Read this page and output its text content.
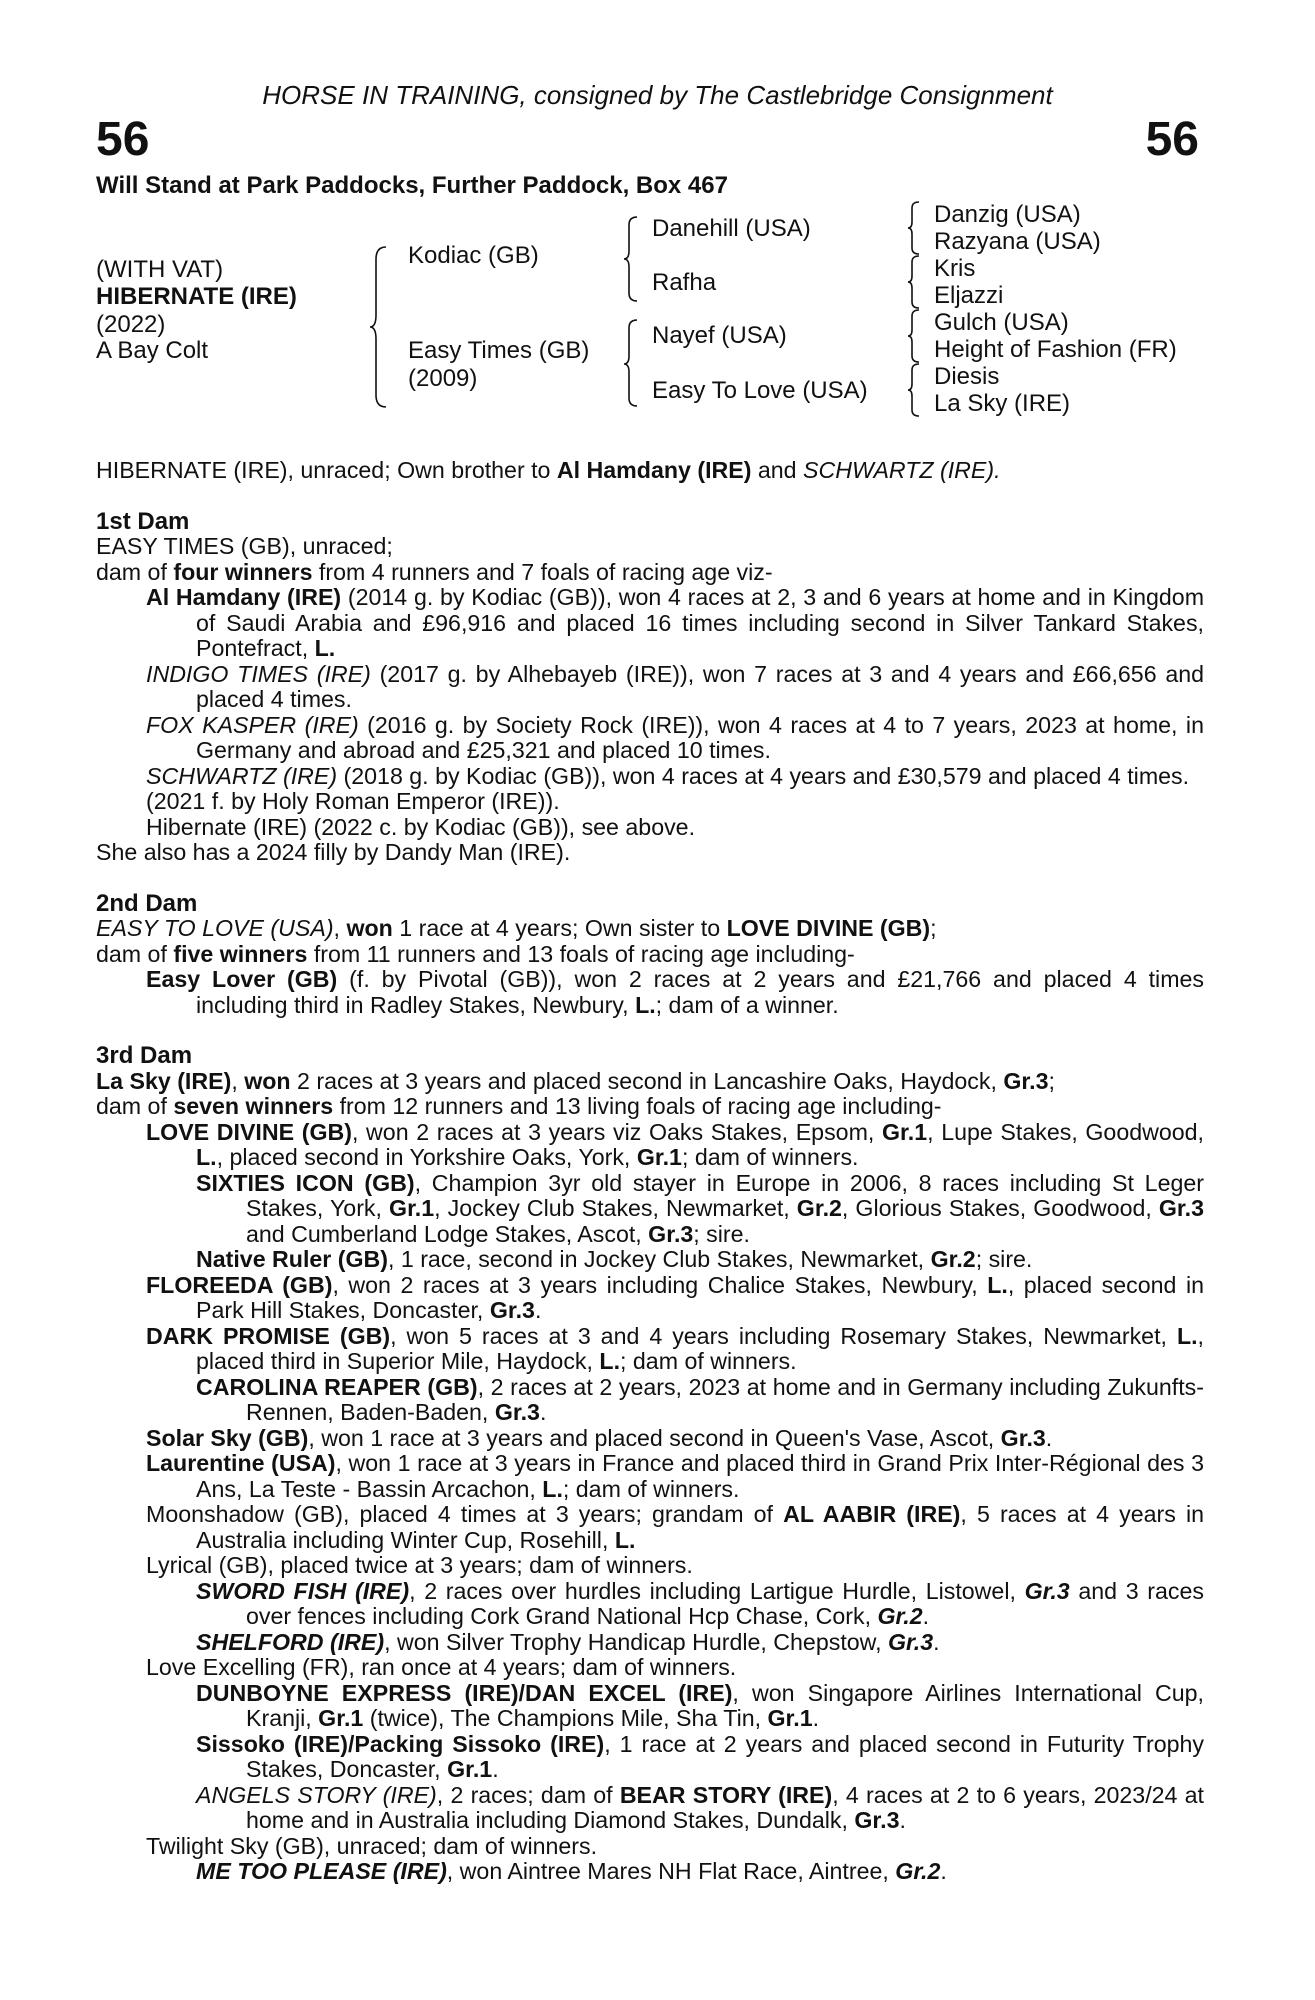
HORSE IN TRAINING, consigned by The Castlebridge Consignment
56	56
Will Stand at Park Paddocks, Further Paddock, Box 467
(WITH VAT)
HIBERNATE (IRE)
(2022)
A Bay Colt
Kodiac (GB)
Easy Times (GB)
(2009)
Danehill (USA)
Rafha
Nayef (USA)
Easy To Love (USA)
Danzig (USA)
Razyana (USA)
Kris
Eljazzi
Gulch (USA)
Height of Fashion (FR)
Diesis
La Sky (IRE)

HIBERNATE (IRE), unraced; Own brother to Al Hamdany (IRE) and SCHWARTZ (IRE).

1st Dam

EASY TIMES (GB), unraced;

dam of four winners from 4 runners and 7 foals of racing age viz-

Al Hamdany (IRE) (2014 g. by Kodiac (GB)), won 4 races at 2, 3 and 6 years at home and in Kingdom of Saudi Arabia and £96,916 and placed 16 times including second in Silver Tankard Stakes, Pontefract, L.

INDIGO TIMES (IRE) (2017 g. by Alhebayeb (IRE)), won 7 races at 3 and 4 years and £66,656 and placed 4 times.

FOX KASPER (IRE) (2016 g. by Society Rock (IRE)), won 4 races at 4 to 7 years, 2023 at home, in Germany and abroad and £25,321 and placed 10 times.

SCHWARTZ (IRE) (2018 g. by Kodiac (GB)), won 4 races at 4 years and £30,579 and placed 4 times.

(2021 f. by Holy Roman Emperor (IRE)).

Hibernate (IRE) (2022 c. by Kodiac (GB)), see above.

She also has a 2024 filly by Dandy Man (IRE).

2nd Dam

EASY TO LOVE (USA), won 1 race at 4 years; Own sister to LOVE DIVINE (GB);

dam of five winners from 11 runners and 13 foals of racing age including-

Easy Lover (GB) (f. by Pivotal (GB)), won 2 races at 2 years and £21,766 and placed 4 times including third in Radley Stakes, Newbury, L.; dam of a winner.

3rd Dam

La Sky (IRE), won 2 races at 3 years and placed second in Lancashire Oaks, Haydock, Gr.3;

dam of seven winners from 12 runners and 13 living foals of racing age including-

LOVE DIVINE (GB), won 2 races at 3 years viz Oaks Stakes, Epsom, Gr.1, Lupe Stakes, Goodwood, L., placed second in Yorkshire Oaks, York, Gr.1; dam of winners.

SIXTIES ICON (GB), Champion 3yr old stayer in Europe in 2006, 8 races including St Leger Stakes, York, Gr.1, Jockey Club Stakes, Newmarket, Gr.2, Glorious Stakes, Goodwood, Gr.3 and Cumberland Lodge Stakes, Ascot, Gr.3; sire.

Native Ruler (GB), 1 race, second in Jockey Club Stakes, Newmarket, Gr.2; sire.

FLOREEDA (GB), won 2 races at 3 years including Chalice Stakes, Newbury, L., placed second in Park Hill Stakes, Doncaster, Gr.3.

DARK PROMISE (GB), won 5 races at 3 and 4 years including Rosemary Stakes, Newmarket, L., placed third in Superior Mile, Haydock, L.; dam of winners.

CAROLINA REAPER (GB), 2 races at 2 years, 2023 at home and in Germany including Zukunfts-Rennen, Baden-Baden, Gr.3.

Solar Sky (GB), won 1 race at 3 years and placed second in Queen's Vase, Ascot, Gr.3.

Laurentine (USA), won 1 race at 3 years in France and placed third in Grand Prix Inter-Régional des 3 Ans, La Teste - Bassin Arcachon, L.; dam of winners.

Moonshadow (GB), placed 4 times at 3 years; grandam of AL AABIR (IRE), 5 races at 4 years in Australia including Winter Cup, Rosehill, L.

Lyrical (GB), placed twice at 3 years; dam of winners.

SWORD FISH (IRE), 2 races over hurdles including Lartigue Hurdle, Listowel, Gr.3 and 3 races over fences including Cork Grand National Hcp Chase, Cork, Gr.2.

SHELFORD (IRE), won Silver Trophy Handicap Hurdle, Chepstow, Gr.3.

Love Excelling (FR), ran once at 4 years; dam of winners.

DUNBOYNE EXPRESS (IRE)/DAN EXCEL (IRE), won Singapore Airlines International Cup, Kranji, Gr.1 (twice), The Champions Mile, Sha Tin, Gr.1.

Sissoko (IRE)/Packing Sissoko (IRE), 1 race at 2 years and placed second in Futurity Trophy Stakes, Doncaster, Gr.1.

ANGELS STORY (IRE), 2 races; dam of BEAR STORY (IRE), 4 races at 2 to 6 years, 2023/24 at home and in Australia including Diamond Stakes, Dundalk, Gr.3.

Twilight Sky (GB), unraced; dam of winners.

ME TOO PLEASE (IRE), won Aintree Mares NH Flat Race, Aintree, Gr.2.
